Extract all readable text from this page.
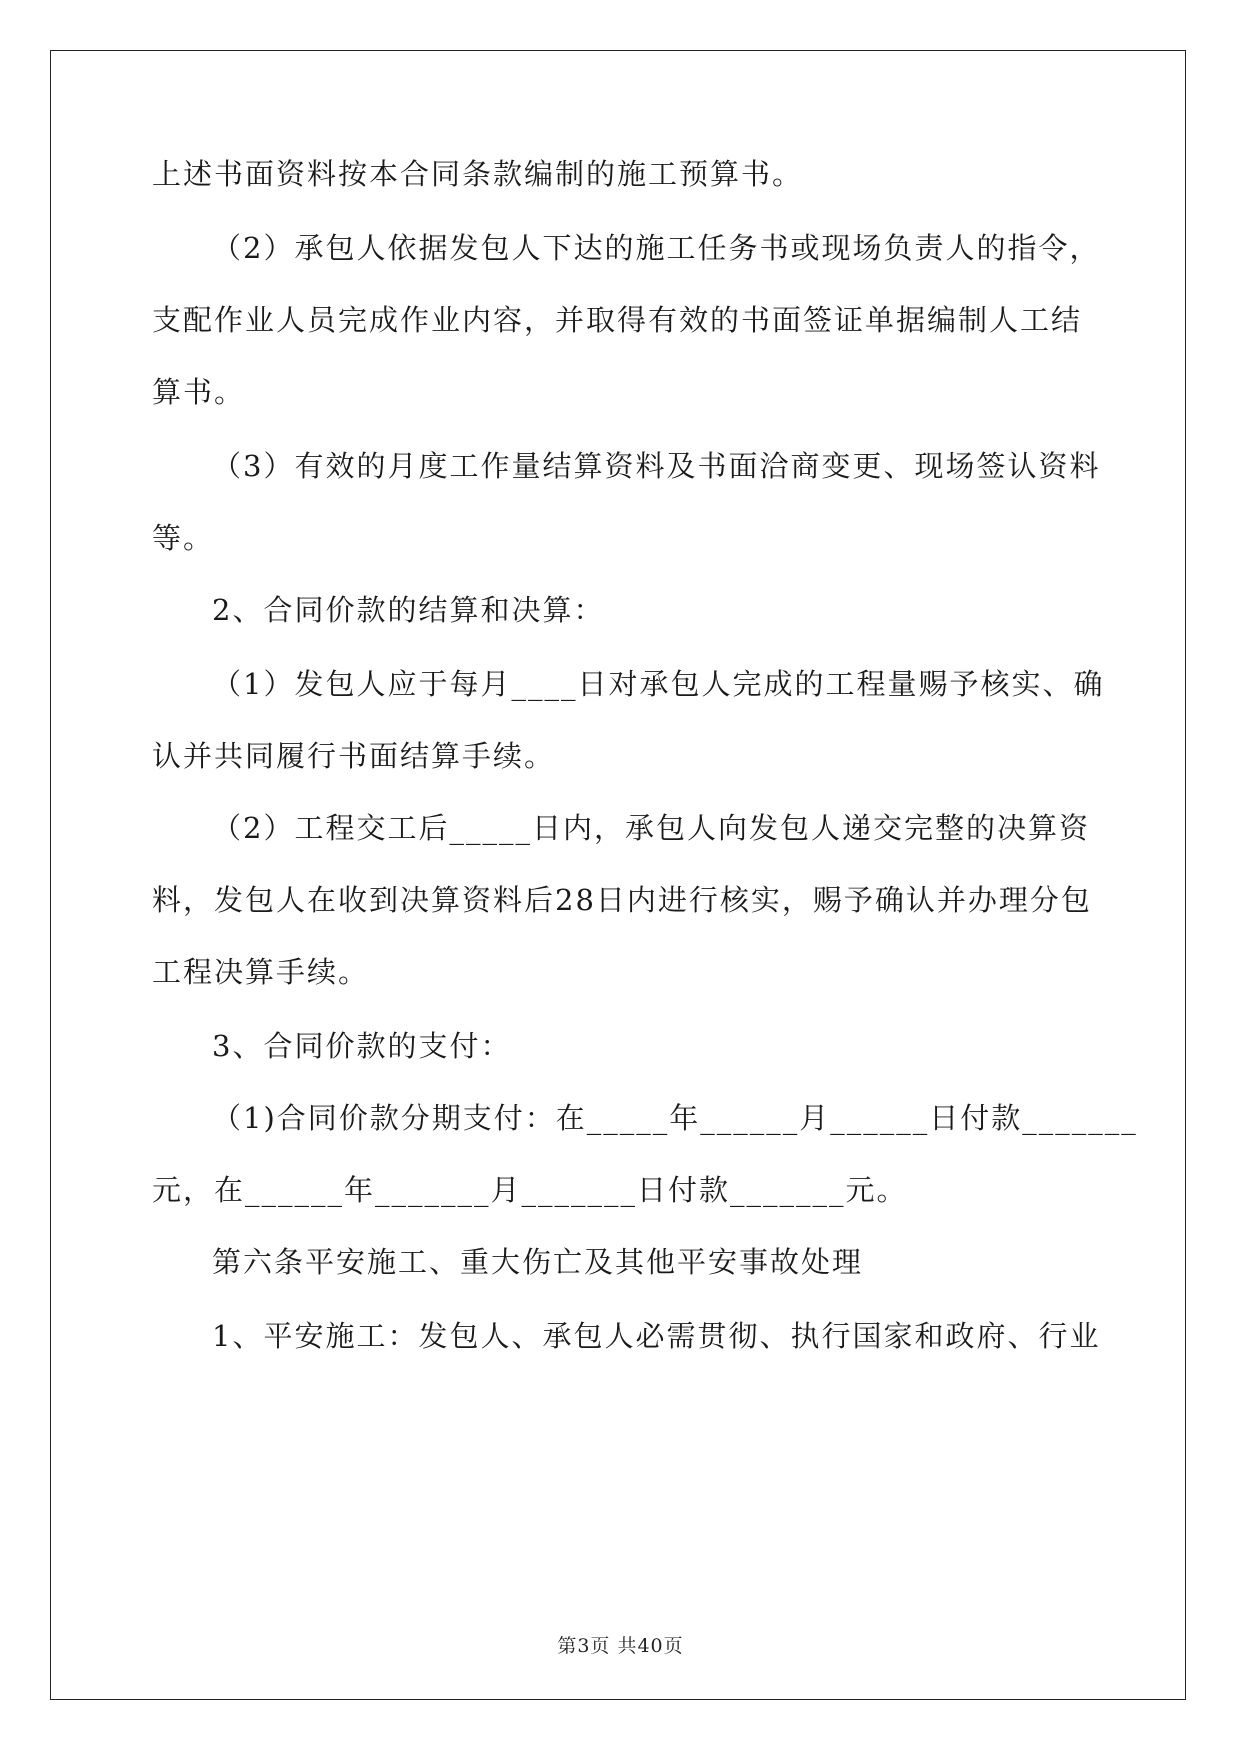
上述书面资料按本合同条款编制的施工预算书。
（2）承包人依据发包人下达的施工任务书或现场负责人的指令，
支配作业人员完成作业内容，并取得有效的书面签证单据编制人工结
算书。
（3）有效的月度工作量结算资料及书面洽商变更、现场签认资料
等。
2、合同价款的结算和决算：
（1）发包人应于每月____日对承包人完成的工程量赐予核实、确
认并共同履行书面结算手续。
（2）工程交工后_____日内，承包人向发包人递交完整的决算资
料，发包人在收到决算资料后28日内进行核实，赐予确认并办理分包
工程决算手续。
3、合同价款的支付：
（1)合同价款分期支付：在_____年______月______日付款_______
元，在______年_______月_______日付款_______元。
第六条平安施工、重大伤亡及其他平安事故处理
1、平安施工：发包人、承包人必需贯彻、执行国家和政府、行业
第3页 共40页
